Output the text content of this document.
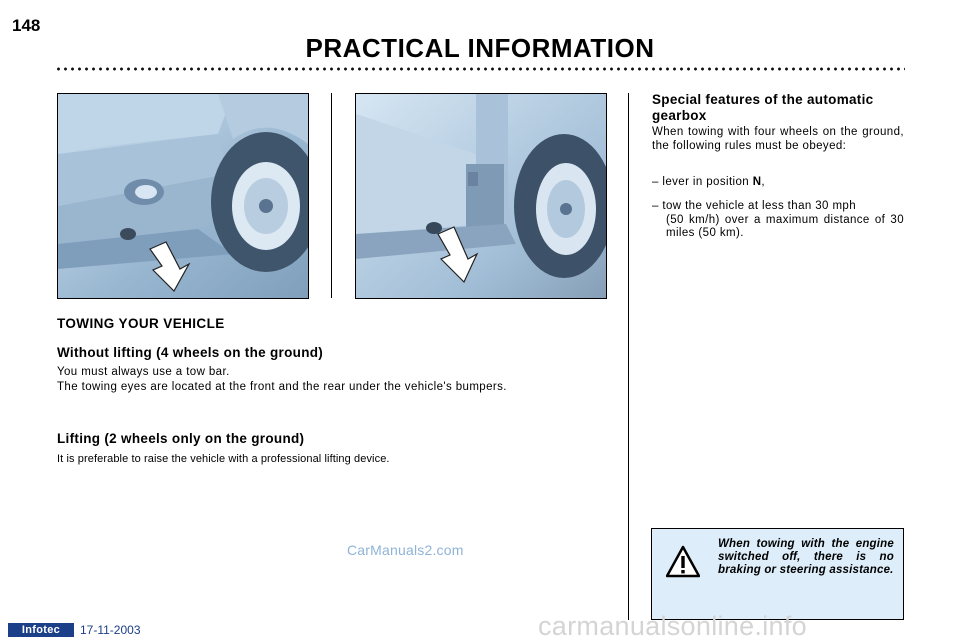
148
PRACTICAL INFORMATION
TOWING YOUR VEHICLE
Without lifting (4 wheels on the ground)
You must always use a tow bar.
The towing eyes are located at the front and the rear under the vehicle's bumpers.
Lifting (2 wheels only on the ground)
It is preferable to raise the vehicle with a professional lifting device.
Special features of the automatic gearbox
When towing with four wheels on the ground, the following rules must be obeyed:
– lever in position N,
– tow the vehicle at less than 30 mph
(50 km/h) over a maximum distance of 30 miles (50 km).
When towing with the engine switched off, there is no braking or steering assistance.
CarManuals2.com
Infotec	17-11-2003	carmanualsonline.info
